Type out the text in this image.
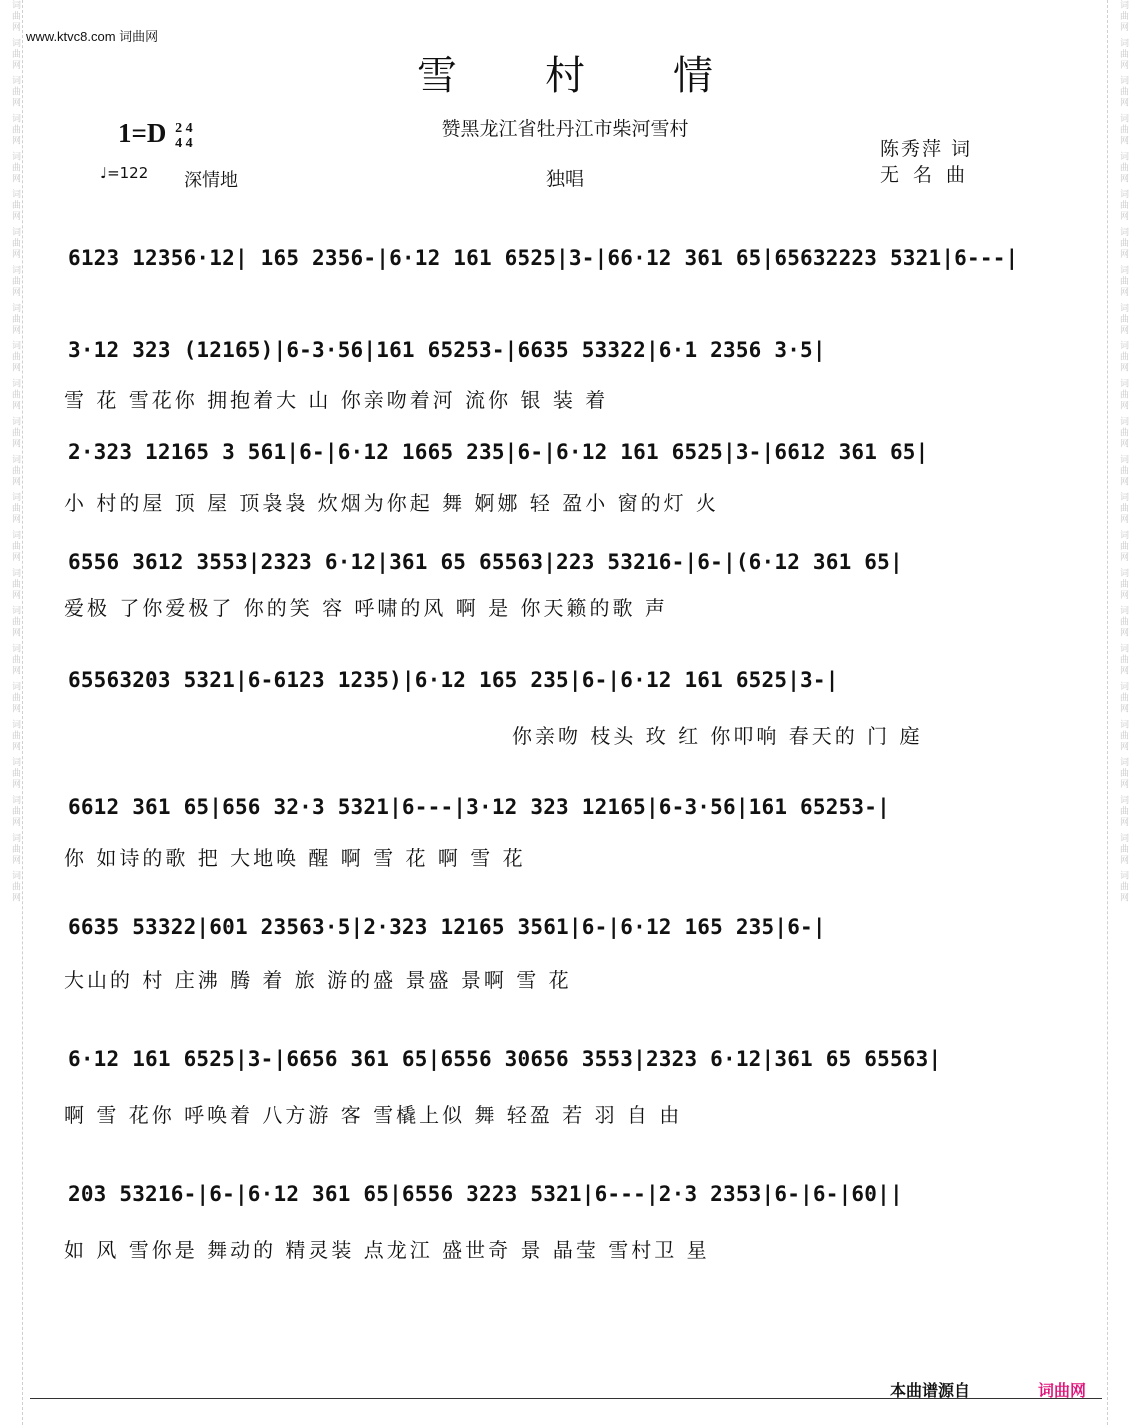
词曲网 词曲网 词曲网 词曲网 词曲网 词曲网 词曲网 词曲网 词曲网 词曲网 词曲网 词曲网 词曲网 词曲网 词曲网 词曲网 词曲网 词曲网 词曲网 词曲网 词曲网 词曲网 词曲网 词曲网	词曲网 词曲网 词曲网 词曲网 词曲网 词曲网 词曲网 词曲网 词曲网 词曲网 词曲网 词曲网 词曲网 词曲网 词曲网 词曲网 词曲网 词曲网 词曲网 词曲网 词曲网 词曲网 词曲网 词曲网
www.ktvc8.com 词曲网
雪村情
1=D 2 4
4 4
♩=122 深情地
赞黑龙江省牡丹江市柴河雪村
独唱
陈秀萍 词
无名曲
6123 12356·12| 165 2356-|6·12 161 6525|3-|66·12 361 65|65632223 5321|6---|
3·12 323 (12165)|6-3·56|161 65253-|6635 53322|6·1 2356 3·5|
雪 花 雪花你 拥抱着大 山 你亲吻着河 流你 银 装 着
2·323 12165 3 561|6-|6·12 1665 235|6-|6·12 161 6525|3-|6612 361 65|
小 村的屋 顶 屋 顶袅袅 炊烟为你起 舞 婀娜 轻 盈小 窗的灯 火
6556 3612 3553|2323 6·12|361 65 65563|223 53216-|6-|(6·12 361 65|
爱极 了你爱极了 你的笑 容 呼啸的风 啊 是 你天籁的歌 声
65563203 5321|6-6123 1235)|6·12 165 235|6-|6·12 161 6525|3-|
你亲吻 枝头 玫 红 你叩响 春天的 门 庭
6612 361 65|656 32·3 5321|6---|3·12 323 12165|6-3·56|161 65253-|
你 如诗的歌 把 大地唤 醒 啊 雪 花 啊 雪 花
6635 53322|601 23563·5|2·323 12165 3561|6-|6·12 165 235|6-|
大山的 村 庄沸 腾 着 旅 游的盛 景盛 景啊 雪 花
6·12 161 6525|3-|6656 361 65|6556 30656 3553|2323 6·12|361 65 65563|
啊 雪 花你 呼唤着 八方游 客 雪橇上似 舞 轻盈 若 羽 自 由
203 53216-|6-|6·12 361 65|6556 3223 5321|6---|2·3 2353|6-|6-|60||
如 风 雪你是 舞动的 精灵装 点龙江 盛世奇 景 晶莹 雪村卫 星
本曲谱源自	词曲网
